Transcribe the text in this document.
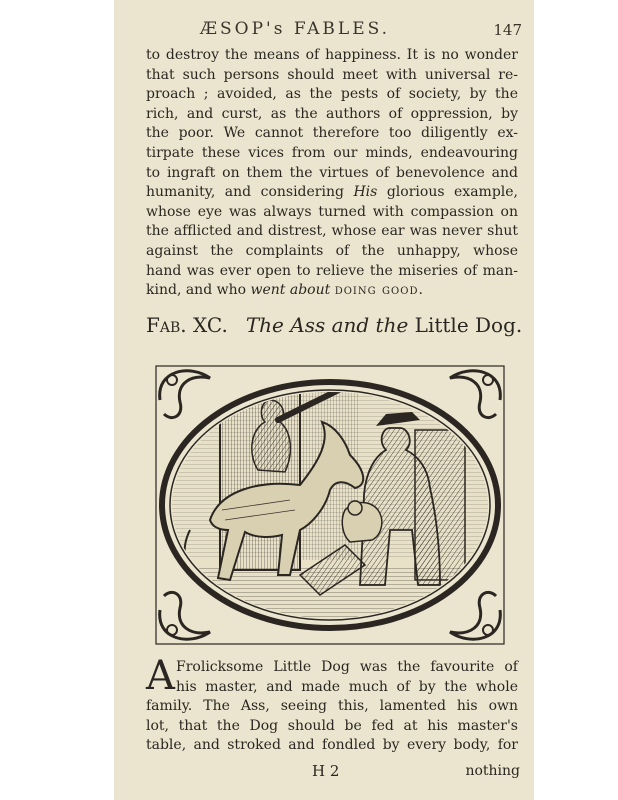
ÆSOP's FABLES.	147
to destroy the means of happiness. It is no wonder
that such persons should meet with universal re-
proach ; avoided, as the pests of society, by the
rich, and curst, as the authors of oppression, by
the poor. We cannot therefore too diligently ex-
tirpate these vices from our minds, endeavouring
to ingraft on them the virtues of benevolence and
humanity, and considering His glorious example,
whose eye was always turned with compassion on
the afflicted and distrest, whose ear was never shut
against the complaints of the unhappy, whose
hand was ever open to relieve the miseries of man-
kind, and who went about doing good.
Fab. XC. The Ass and the Little Dog.
A Frolicksome Little Dog was the favourite of
his master, and made much of by the whole
family. The Ass, seeing this, lamented his own
lot, that the Dog should be fed at his master's
table, and stroked and fondled by every body, for
H 2	nothing
